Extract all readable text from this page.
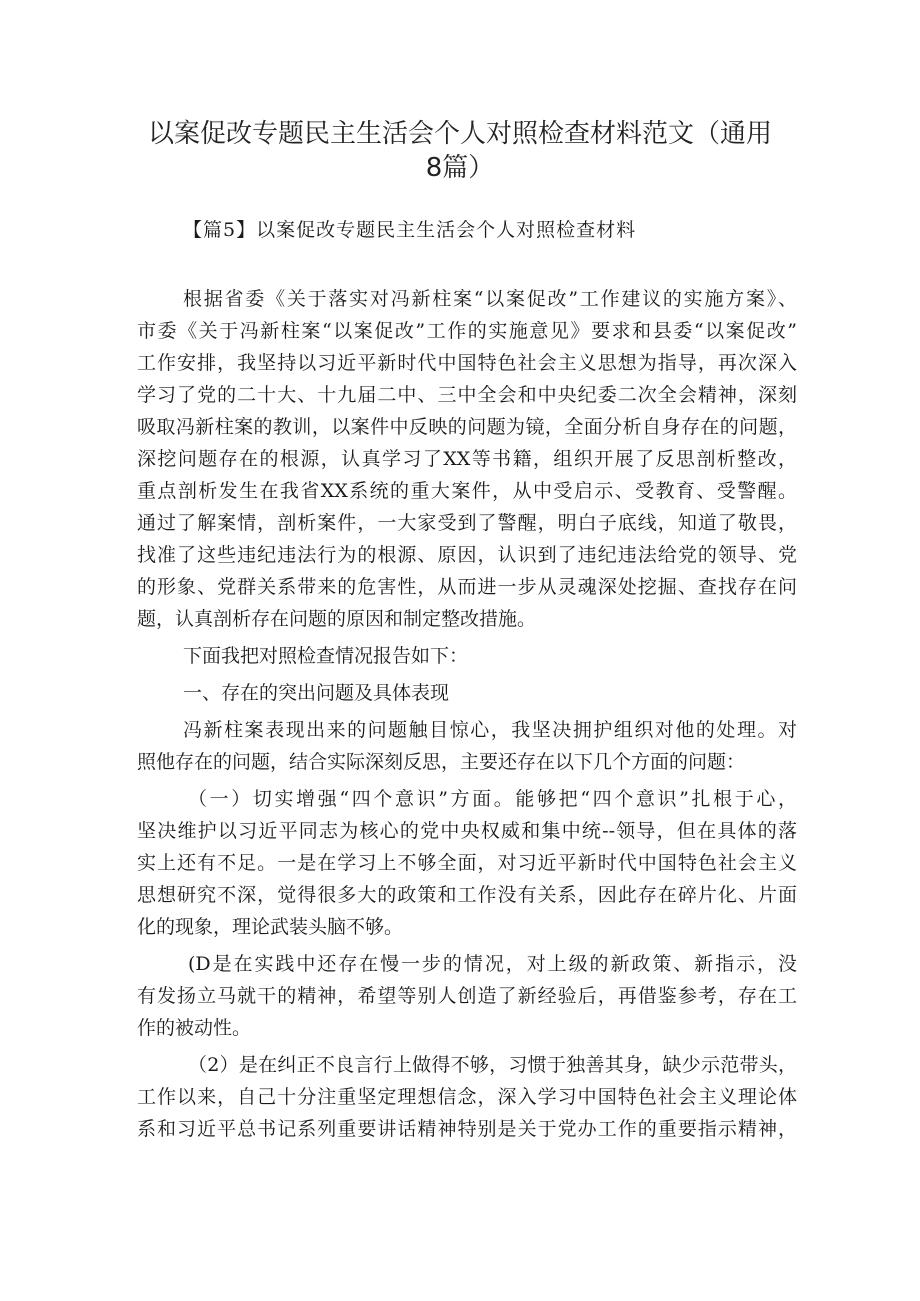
以案促改专题民主生活会个人对照检查材料范文（通用
8篇）
【篇5】以案促改专题民主生活会个人对照检查材料
根据省委《关于落实对冯新柱案“以案促改”工作建议的实施方案》、
市委《关于冯新柱案“以案促改”工作的实施意见》要求和县委“以案促改”
工作安排，我坚持以习近平新时代中国特色社会主义思想为指导，再次深入
学习了党的二十大、十九届二中、三中全会和中央纪委二次全会精神，深刻
吸取冯新柱案的教训，以案件中反映的问题为镜，全面分析自身存在的问题，
深挖问题存在的根源，认真学习了XX等书籍，组织开展了反思剖析整改，
重点剖析发生在我省XX系统的重大案件，从中受启示、受教育、受警醒。
通过了解案情，剖析案件，一大家受到了警醒，明白子底线，知道了敬畏，
找准了这些违纪违法行为的根源、原因，认识到了违纪违法给党的领导、党
的形象、党群关系带来的危害性，从而进一步从灵魂深处挖掘、查找存在问
题，认真剖析存在问题的原因和制定整改措施。
下面我把对照检查情况报告如下：
一、存在的突出问题及具体表现
冯新柱案表现出来的问题触目惊心，我坚决拥护组织对他的处理。对
照他存在的问题，结合实际深刻反思，主要还存在以下几个方面的问题：
（一）切实增强“四个意识”方面。能够把“四个意识”扎根于心，
坚决维护以习近平同志为核心的党中央权威和集中统--领导，但在具体的落
实上还有不足。一是在学习上不够全面，对习近平新时代中国特色社会主义
思想研究不深，觉得很多大的政策和工作没有关系，因此存在碎片化、片面
化的现象，理论武装头脑不够。
(D是在实践中还存在慢一步的情况，对上级的新政策、新指示，没
有发扬立马就干的精神，希望等别人创造了新经验后，再借鉴参考，存在工
作的被动性。
（2）是在纠正不良言行上做得不够，习惯于独善其身，缺少示范带头，
工作以来，自己十分注重坚定理想信念，深入学习中国特色社会主义理论体
系和习近平总书记系列重要讲话精神特别是关于党办工作的重要指示精神，
